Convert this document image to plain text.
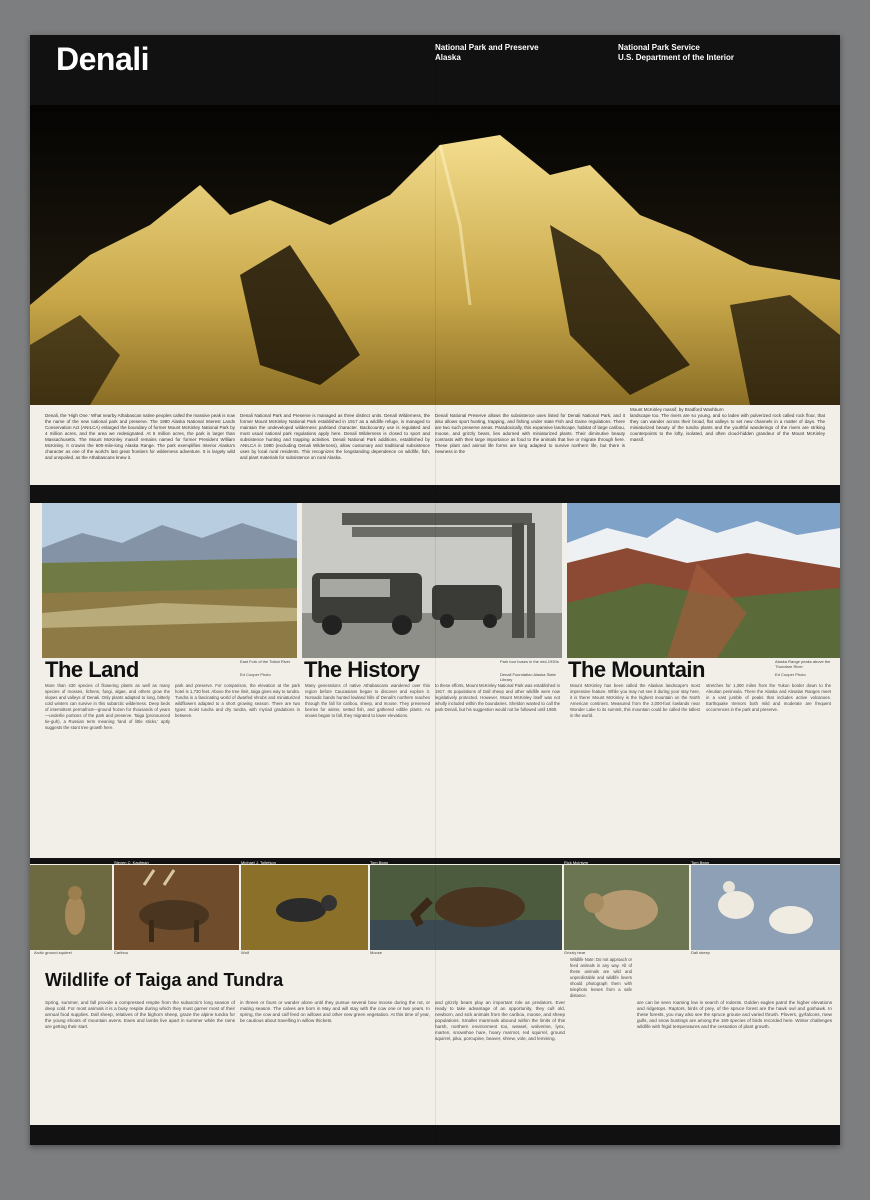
Denali	National Park and Preserve
Alaska
National Park Service
U.S. Department of the Interior
Mount McKinley massif, by Bradford Washburn
Denali, the 'High One.' What nearby Athabascan native peoples called the massive peak is now the name of the new national park and preserve. The 1980 Alaska National Interest Lands Conservation Act (ANILCA) enlarged the boundary of former Mount McKinley National Park by 4 million acres, and the area we redesignated. At 6 million acres, the park is larger than Massachusetts. The Mount McKinley massif remains named for former President William McKinley. It crowns the 600-mile-long Alaska Range. The park exemplifies Interior Alaska's character as one of the world's last great frontiers for wilderness adventure. It is largely wild and unspoiled, as the Athabascans knew it.
Denali National Park and Preserve is managed as three distinct units. Denali Wilderness, the former Mount McKinley National Park established in 1917 as a wildlife refuge, is managed to maintain the undeveloped wilderness parkland character. Backcountry use is regulated and most usual national park regulations apply here. Denali Wilderness is closed to sport and subsistence hunting and trapping activities. Denali National Park additions, established by ANILCA in 1980 (excluding Denali Wilderness), allow customary and traditional subsistence uses by local rural residents. This recognizes the longstanding dependence on wildlife, fish, and plant materials for subsistence on rural Alaska.
Denali National Preserve allows the subsistence uses listed for Denali National Park, and it also allows sport hunting, trapping, and fishing under state Fish and Game regulations. There are two such preserve areas. Paradoxically, this expansive landscape, habitat of large caribou, moose, and grizzly bears, lies adorned with miniaturized plants. Their diminutive beauty contrasts with their large importance as food to the animals that live or migrate through here. These plant and animal life forms are long adapted to survive northern life, but there is newness in the
landscape too. The rivers are so young, and so laden with pulverized rock called rock flour, that they can wander across their broad, flat valleys to set new channels in a matter of days. The miniaturized beauty of the tundra plants and the youthful wanderings of the rivers are striking counterpoints to the lofty, isolated, and often cloud-hidden grandeur of the Mount McKinley massif.
The Land	The History	The Mountain
East Fork of the Toklat River
Ed Cooper Photo
Park tour buses in the mid-1930s
Denali Foundation Alaska State Library
Alaska Range peaks above the Thorofare River
Ed Cooper Photo
More than 430 species of flowering plants as well as many species of mosses, lichens, fungi, algae, and others grow the slopes and valleys of Denali. Only plants adapted to long, bitterly cold winters can survive in this subarctic wilderness. Deep beds of intermittent permafrost—ground frozen for thousands of years—underlie portions of the park and preserve. Taiga (pronounced tie-guh), a Russian term meaning 'land of little sticks,' aptly suggests the stunt tree growth here.
park and preserve. For comparison, the elevation at the park hotel is 1,730 feet. Above the tree limit, taiga gives way to tundra. Tundra is a fascinating world of dwarfed shrubs and miniaturized wildflowers adapted to a short growing season. There are two types: moist tundra and dry tundra, with myriad gradations in between.
Many generations of native Athabascans wandered over this region before Caucasians began to discover and explore it. Nomadic bands hunted lowland hills of Denali's northern reaches through the fall for caribou, sheep, and moose. They preserved berries for winter, netted fish, and gathered edible plants. As snows began to fall, they migrated to lower elevations.
to these efforts, Mount McKinley National Park was established in 1917. Its populations of Dall sheep and other wildlife were now legislatively protected. However, Mount McKinley itself was not wholly included within the boundaries. Sheldon wanted to call the park Denali, but his suggestion would not be followed until 1980.
Mount McKinley has been called the Alaskan landscape's most impressive feature. While you may not see it during your stay here, it is there! Mount McKinley is the highest mountain on the North American continent. Measured from the 2,000-foot lowlands near Wonder Lake to its summit, this mountain could be called the tallest in the world.
stretches for 1,300 miles from the Yukon border down to the Aleutian peninsula. There the Alaska and Aleutian Ranges meet in a vast jumble of peaks that includes active volcanoes. Earthquake tremors both mild and moderate are frequent occurrences in the park and preserve.
Arctic ground squirrel
Steven C. Kaufman
Caribou
Michael J. Tollefson
Wolf
Tom Bean
Moose
Rick McIntyre
Grizzly bear
Tom Bean
Dall sheep
Wildlife of Taiga and Tundra
Spring, summer, and fall provide a compressed respite from the subarctic's long season of deep cold. For most animals it is a busy respite during which they must garner most of their annual food supplies. Dall sheep, relatives of the bighorn sheep, graze the alpine tundra for the young shoots of mountain avens. Ewes and lambs live apart in summer while the rams are getting their start.
in threes or fours or wander alone until they pursue several bow moose during the rut, or mating season. The calves are born in May and will stay with the cow one or two years. In spring, the cow and calf feed on willows and other new green vegetation. At this time of year, be cautious about travelling in willow thickets.
and grizzly bears play an important role as predators. Ever ready to take advantage of an opportunity, they cull old, newborn, and sick animals from the caribou, moose, and sheep populations. Smaller mammals abound within the limits of this harsh, northern environment too, weasel, wolverine, lynx, marten, snowshoe hare, hoary marmot, red squirrel, ground squirrel, pika, porcupine, beaver, shrew, vole, and lemming.
Wildlife Note: Do not approach or feed animals in any way. All of these animals are wild and unpredictable and wildlife lovers should photograph them with telephoto lenses from a safe distance.
are can be seen roaming low in search of rodents. Golden eagles patrol the higher elevations and ridgetops. Raptors, birds of prey, of the spruce forest are the hawk owl and goshawk. In these forests, you may also see the spruce grouse and varied thrush. Plovers, gyrfalcons, mew gulls, and snow buntings are among the 159 species of birds recorded here. Winter challenges wildlife with frigid temperatures and the cessation of plant growth.
